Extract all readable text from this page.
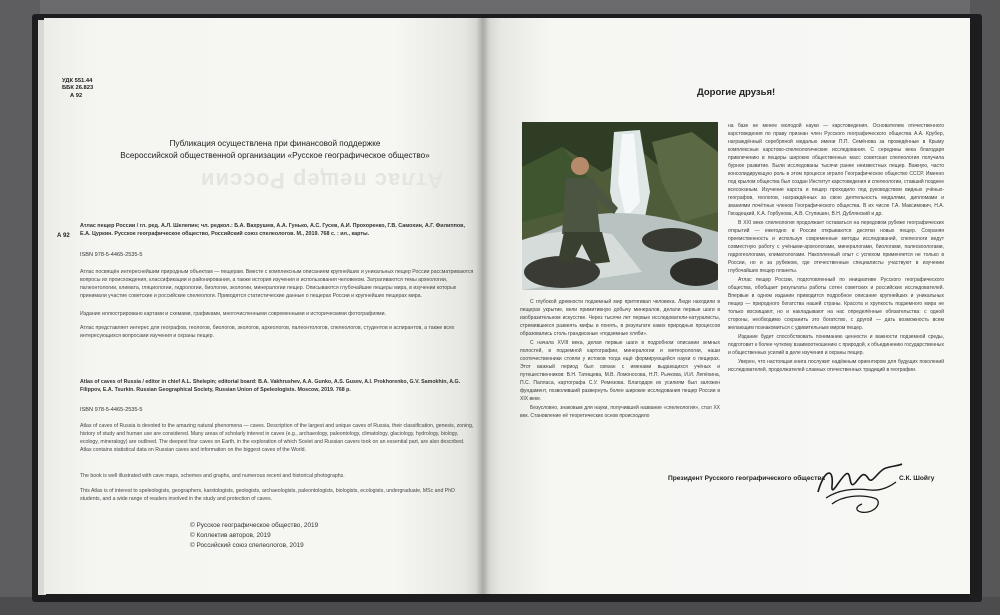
УДК 551.44
ББК 26.823
А 92
Публикация осуществлена при финансовой поддержке
Всероссийской общественной организации «Русское географическое общество»
Атлас пещер России
А 92
Атлас пещер России / гл. ред. А.Л. Шелепин; чл. редкол.: Б.А. Вахрушев, А.А. Гунько, А.С. Гусев, А.И. Прохоренко, Г.В. Самохин, А.Г. Филиппов, Е.А. Цуркин. Русское географическое общество, Российский союз спелеологов. М., 2019. 768 с. : ил., карты.
ISBN 978-5-4465-2535-5
Атлас посвящён интереснейшим природным объектам — пещерам. Вместе с комплексным описанием крупнейших и уникальных пещер России рассматриваются вопросы их происхождения, классификации и районирования, а также история изучения и использования человеком. Затрагиваются темы археологии, палеонтологии, климата, гляциологии, гидрологии, биологии, экологии, минералогии пещер. Описываются глубочайшие пещеры мира, в изучении которых принимали участие советские и российские спелеологи. Приводятся статистические данные о пещерах России и крупнейших пещерах мира.
Издание иллюстрировано картами и схемами, графиками, многочисленными современными и историческими фотографиями.
Атлас представляет интерес для географов, геологов, биологов, экологов, археологов, палеонтологов, спелеологов, студентов и аспирантов, а также всех интересующихся вопросами изучения и охраны пещер.
Atlas of caves of Russia / editor in chief A.L. Shelepin; editorial board: B.A. Vakhrushev, A.A. Gunko, A.S. Gusev, A.I. Prokhorenko, G.V. Samokhin, A.G. Filippov, E.A. Tsurkin. Russian Geographical Society, Russian Union of Speleologists. Moscow, 2019. 768 p.
ISBN 978-5-4465-2535-5
Atlas of caves of Russia is devoted to the amazing natural phenomena — caves. Description of the largest and unique caves of Russia, their classification, genesis, zoning, history of study and human use are considered. Many areas of scholarly interest in caves (e.g., archaeology, paleontology, climatology, glaciology, hydrology, biology, ecology, mineralogy) are outlined. The deepest four caves on Earth, in the exploration of which Soviet and Russian cavers took on an essential part, are also described. Atlas contains statistical data on Russian caves and information on the biggest caves of the World.
The book is well illustrated with cave maps, schemes and graphs, and numerous recent and historical photographs.
This Atlas is of interest to speleologists, geographers, karstologists, geologists, archaeologists, paleontologists, biologists, ecologists, undergraduate, MSc and PhD students, and a wide range of readers involved in the study and protection of caves.
© Русское географическое общество, 2019
© Коллектив авторов, 2019
© Российский союз спелеологов, 2019
Дорогие друзья!

С глубокой древности подземный мир притягивал человека. Люди находили в пещерах укрытие, вели примитивную добычу минералов, делали первые шаги в изобразительном искусстве. Через тысячи лет первые исследователи-натуралисты, стремившиеся развеять мифы и понять, в результате каких природных процессов образовались столь грандиозные «подземные хляби».

С начала XVIII века, делая первые шаги в подробном описании земных полостей, в подземной картографии, минералогии и метеорологии, наши соотечественники стояли у истоков тогда ещё формирующейся науки о пещерах. Этот важный период был связан с именами выдающихся учёных и путешественников: В.Н. Татищева, М.В. Ломоносова, Н.П. Рычкова, И.И. Лепёхина, П.С. Палласа, картографа С.У. Ремезова. Благодаря их усилиям был заложен фундамент, позволивший развернуть более широкие исследования пещер России в XIX веке.

Безусловно, знаковым для науки, получившей название «спелеология», стал XX век. Становление её теоретических основ происходило

на базе не менее молодой науки — карстоведения. Основателем отечественного карстоведения по праву признан член Русского географического общества А.А. Крубер, награждённый серебряной медалью имени П.П. Семёнова за проведённые в Крыму комплексные карстово-спелеологические исследования. С середины века благодаря привлечению в пещеры широких общественных масс советская спелеология получила бурное развитие. Были исследованы тысячи ранее неизвестных пещер. Важную, часто консолидирующую роль в этом процессе играло Географическое общество СССР. Именно под крылом общества был создан Институт карстоведения и спелеологии, ставший позднее всесоюзным. Изучение карста и пещер проходило под руководством видных учёных-географов, геологов, награждённых за свою деятельность медалями, дипломами и званиями почётных членов Географического общества. В их числе Г.А. Максимович, Н.А. Гвоздецкий, К.А. Горбунова, А.В. Ступишин, В.Н. Дублянский и др.

В XXI веке спелеология продолжает оставаться на передовом рубеже географических открытий — ежегодно в России открываются десятки новых пещер. Сохраняя преемственность и используя современные методы исследований, спелеологи ведут совместную работу с учёными-археологами, минералогами, биологами, палеозоологами, гидрогеологами, климатологами. Накопленный опыт с успехом применяется не только в России, но и за рубежом, где отечественные специалисты участвуют в изучении глубочайших пещер планеты.

Атлас пещер России, подготовленный по инициативе Русского географического общества, обобщает результаты работы сотен советских и российских исследователей. Впервые в одном издании приводится подробное описание крупнейших и уникальных пещер — природного богатства нашей страны. Красота и хрупкость подземного мира не только восхищают, но и накладывают на нас определённые обязательства: с одной стороны, необходимо сохранить это богатство, с другой — дать возможность всем желающим познакомиться с удивительным миром пещер.

Издание будет способствовать пониманию ценности и важности подземной среды, подготовит к более чуткому взаимоотношению с природой, к объединению государственных и общественных усилий в деле изучения и охраны пещер.

Уверен, что настоящая книга послужит надёжным ориентиром для будущих поколений исследователей, продолжателей славных отечественных традиций в географии.

Президент Русского географического общества	С.К. Шойгу
